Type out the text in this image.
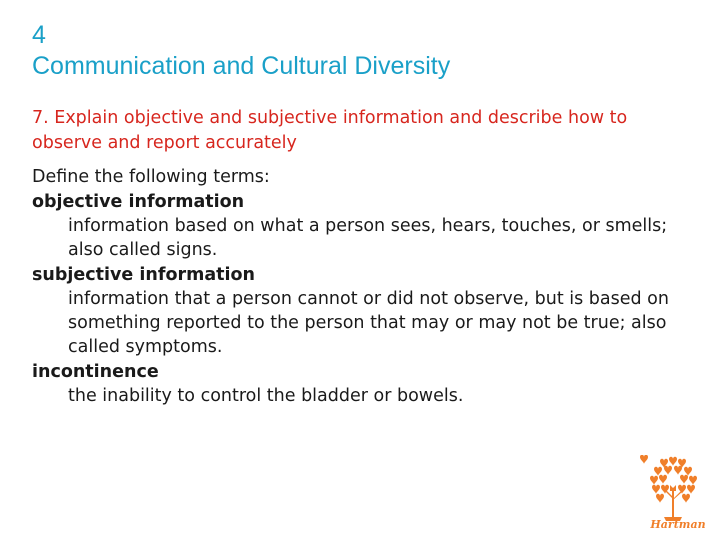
4
Communication and Cultural Diversity
7. Explain objective and subjective information and describe how to observe and report accurately
Define the following terms:
objective information
information based on what a person sees, hears, touches, or smells; also called signs.
subjective information
information that a person cannot or did not observe, but is based on something reported to the person that may or may not be true; also called symptoms.
incontinence
the inability to control the bladder or bowels.
Hartman
